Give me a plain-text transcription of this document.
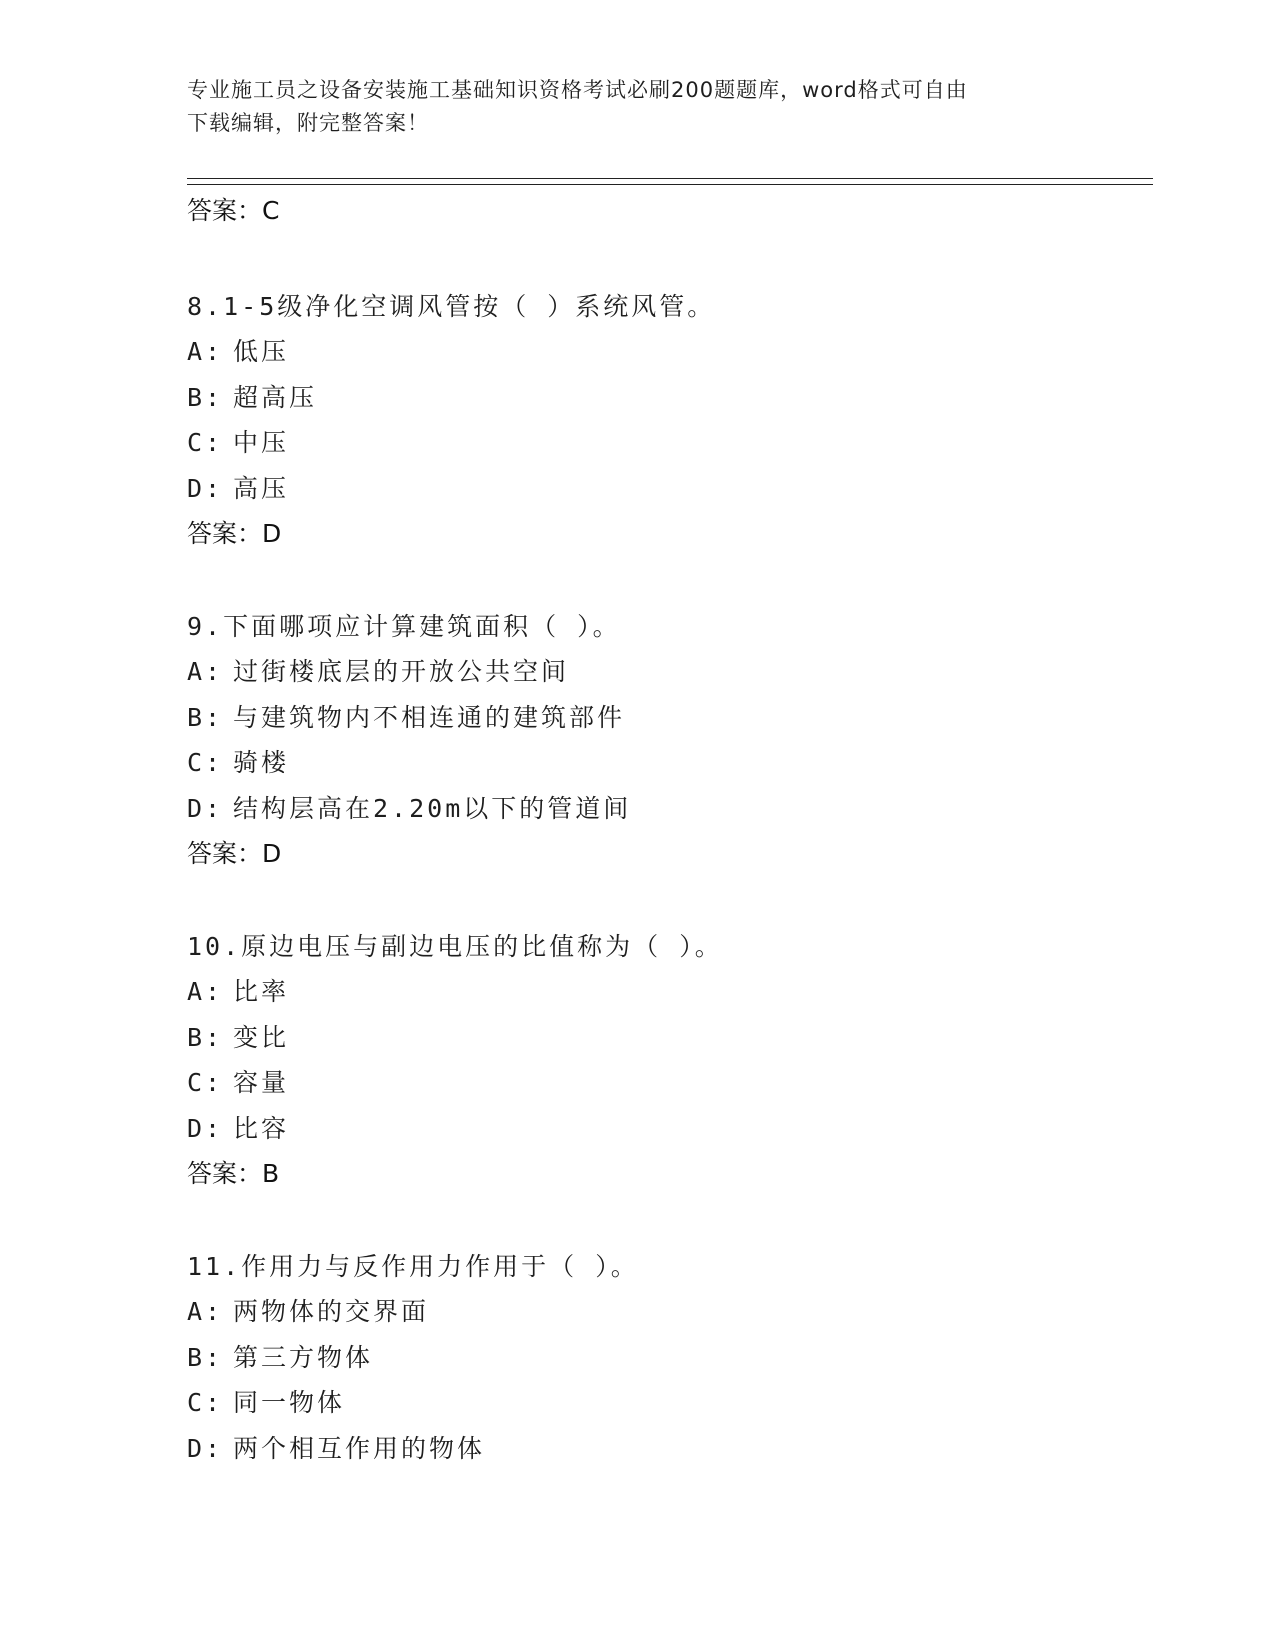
专业施工员之设备安装施工基础知识资格考试必刷200题题库，word格式可自由
下载编辑，附完整答案！
答案：C
8.1-5级净化空调风管按（ ）系统风管。
A: 低压
B: 超高压
C: 中压
D: 高压
答案：D
9.下面哪项应计算建筑面积（ ）。
A: 过街楼底层的开放公共空间
B: 与建筑物内不相连通的建筑部件
C: 骑楼
D: 结构层高在2.20m以下的管道间
答案：D
10.原边电压与副边电压的比值称为（ ）。
A: 比率
B: 变比
C: 容量
D: 比容
答案：B
11.作用力与反作用力作用于（ ）。
A: 两物体的交界面
B: 第三方物体
C: 同一物体
D: 两个相互作用的物体
